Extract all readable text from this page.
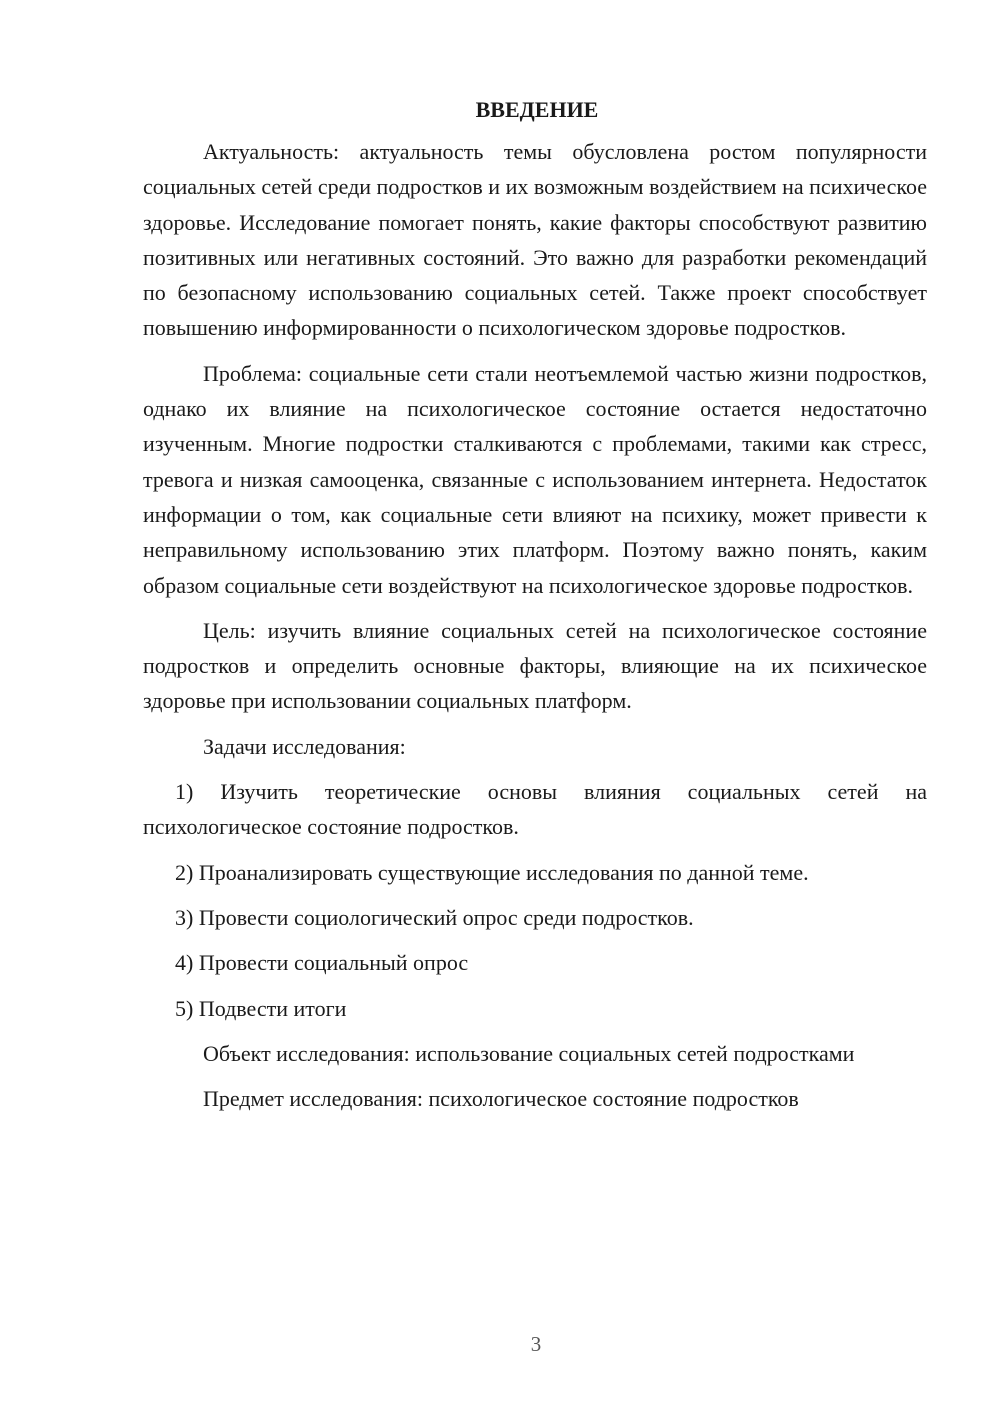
ВВЕДЕНИЕ

Актуальность: актуальность темы обусловлена ростом популярности социальных сетей среди подростков и их возможным воздействием на психическое здоровье. Исследование помогает понять, какие факторы способствуют развитию позитивных или негативных состояний. Это важно для разработки рекомендаций по безопасному использованию социальных сетей. Также проект способствует повышению информированности о психологическом здоровье подростков.

Проблема: социальные сети стали неотъемлемой частью жизни подростков, однако их влияние на психологическое состояние остается недостаточно изученным. Многие подростки сталкиваются с проблемами, такими как стресс, тревога и низкая самооценка, связанные с использованием интернета. Недостаток информации о том, как социальные сети влияют на психику, может привести к неправильному использованию этих платформ. Поэтому важно понять, каким образом социальные сети воздействуют на психологическое здоровье подростков.

Цель: изучить влияние социальных сетей на психологическое состояние подростков и определить основные факторы, влияющие на их психическое здоровье при использовании социальных платформ.

Задачи исследования:

1) Изучить теоретические основы влияния социальных сетей на психологическое состояние подростков.

2) Проанализировать существующие исследования по данной теме.

3) Провести социологический опрос среди подростков.

4) Провести социальный опрос

5) Подвести итоги

Объект исследования: использование социальных сетей подростками

Предмет исследования: психологическое состояние подростков

3
